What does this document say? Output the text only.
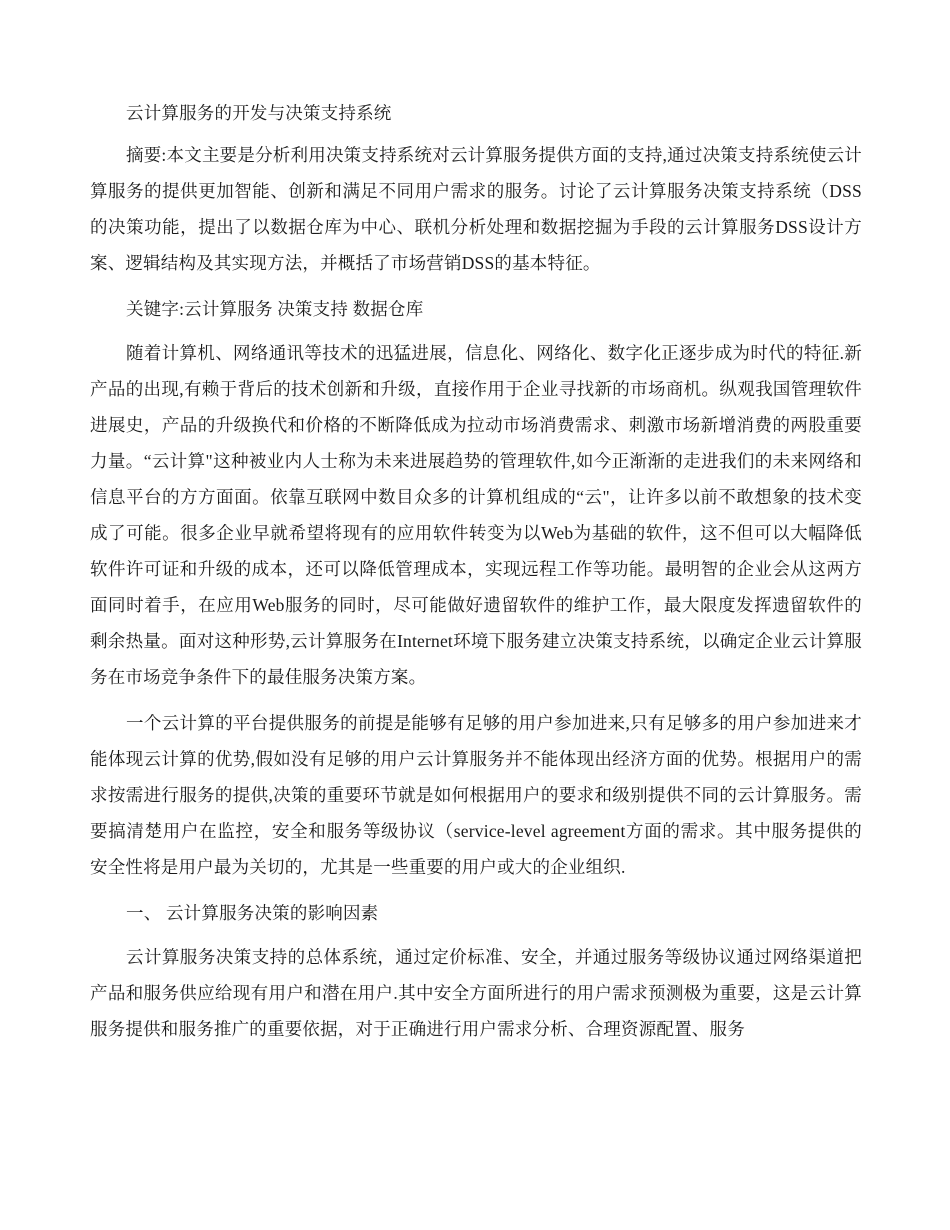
云计算服务的开发与决策支持系统

摘要:本文主要是分析利用决策支持系统对云计算服务提供方面的支持,通过决策支持系统使云计算服务的提供更加智能、创新和满足不同用户需求的服务。讨论了云计算服务决策支持系统（DSS的决策功能，提出了以数据仓库为中心、联机分析处理和数据挖掘为手段的云计算服务DSS设计方案、逻辑结构及其实现方法，并概括了市场营销DSS的基本特征。

关键字:云计算服务 决策支持 数据仓库

随着计算机、网络通讯等技术的迅猛进展，信息化、网络化、数字化正逐步成为时代的特征.新产品的出现,有赖于背后的技术创新和升级，直接作用于企业寻找新的市场商机。纵观我国管理软件进展史，产品的升级换代和价格的不断降低成为拉动市场消费需求、刺激市场新增消费的两股重要力量。“云计算"这种被业内人士称为未来进展趋势的管理软件,如今正渐渐的走进我们的未来网络和信息平台的方方面面。依靠互联网中数目众多的计算机组成的“云"，让许多以前不敢想象的技术变成了可能。很多企业早就希望将现有的应用软件转变为以Web为基础的软件，这不但可以大幅降低软件许可证和升级的成本，还可以降低管理成本，实现远程工作等功能。最明智的企业会从这两方面同时着手，在应用Web服务的同时，尽可能做好遗留软件的维护工作，最大限度发挥遗留软件的剩余热量。面对这种形势,云计算服务在Internet环境下服务建立决策支持系统，以确定企业云计算服务在市场竞争条件下的最佳服务决策方案。

一个云计算的平台提供服务的前提是能够有足够的用户参加进来,只有足够多的用户参加进来才能体现云计算的优势,假如没有足够的用户云计算服务并不能体现出经济方面的优势。根据用户的需求按需进行服务的提供,决策的重要环节就是如何根据用户的要求和级别提供不同的云计算服务。需要搞清楚用户在监控，安全和服务等级协议（service-level agreement方面的需求。其中服务提供的安全性将是用户最为关切的，尤其是一些重要的用户或大的企业组织.

一、 云计算服务决策的影响因素

云计算服务决策支持的总体系统，通过定价标准、安全，并通过服务等级协议通过网络渠道把产品和服务供应给现有用户和潜在用户.其中安全方面所进行的用户需求预测极为重要，这是云计算服务提供和服务推广的重要依据，对于正确进行用户需求分析、合理资源配置、服务
